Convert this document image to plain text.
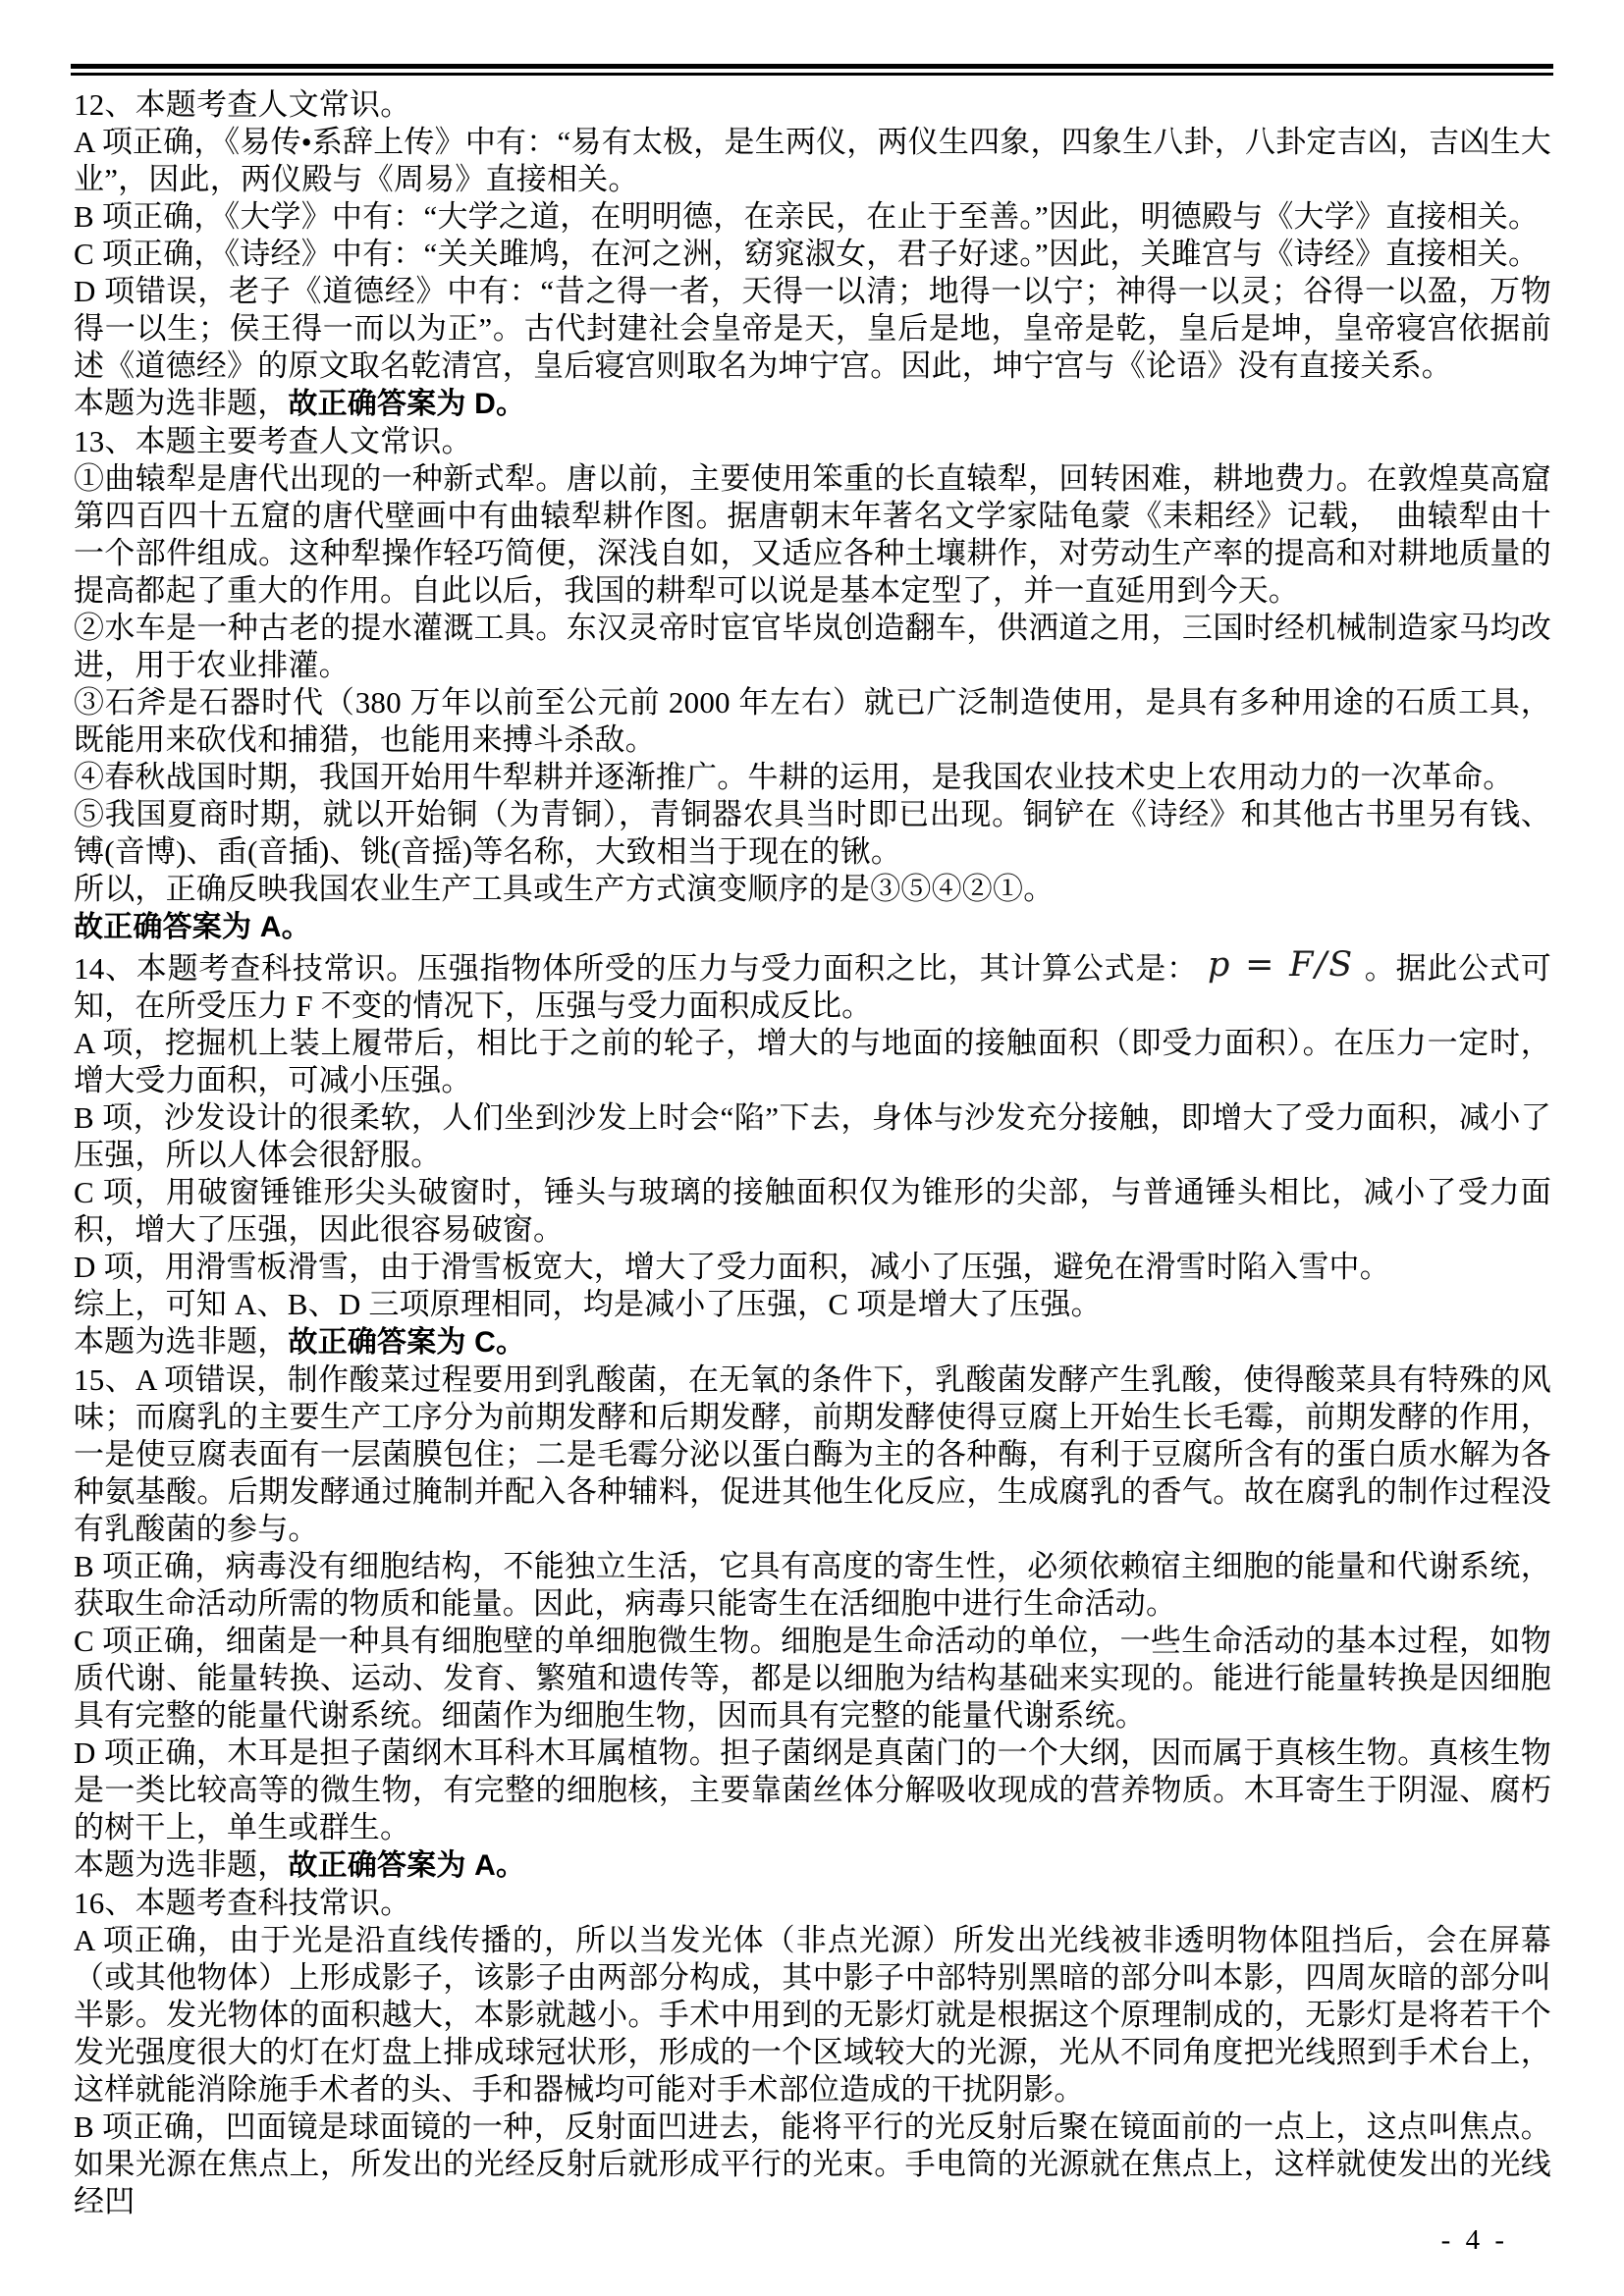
12、本题考查人文常识。

A 项正确，《易传•系辞上传》中有：“易有太极，是生两仪，两仪生四象，四象生八卦，八卦定吉凶，吉凶生大业”，因此，两仪殿与《周易》直接相关。

B 项正确，《大学》中有：“大学之道，在明明德，在亲民，在止于至善。”因此，明德殿与《大学》直接相关。

C 项正确，《诗经》中有：“关关雎鸠，在河之洲，窈窕淑女，君子好逑。”因此，关雎宫与《诗经》直接相关。

D 项错误，老子《道德经》中有：“昔之得一者，天得一以清；地得一以宁；神得一以灵；谷得一以盈，万物得一以生；侯王得一而以为正”。古代封建社会皇帝是天，皇后是地，皇帝是乾，皇后是坤，皇帝寝宫依据前述《道德经》的原文取名乾清宫，皇后寝宫则取名为坤宁宫。因此，坤宁宫与《论语》没有直接关系。

本题为选非题，故正确答案为 D。

13、本题主要考查人文常识。

①曲辕犁是唐代出现的一种新式犁。唐以前，主要使用笨重的长直辕犁，回转困难，耕地费力。在敦煌莫高窟第四百四十五窟的唐代壁画中有曲辕犁耕作图。据唐朝末年著名文学家陆龟蒙《耒耜经》记载，　曲辕犁由十一个部件组成。这种犁操作轻巧简便，深浅自如，又适应各种土壤耕作，对劳动生产率的提高和对耕地质量的提高都起了重大的作用。自此以后，我国的耕犁可以说是基本定型了，并一直延用到今天。

②水车是一种古老的提水灌溉工具。东汉灵帝时宦官毕岚创造翻车，供洒道之用，三国时经机械制造家马均改进，用于农业排灌。

③石斧是石器时代（380 万年以前至公元前 2000 年左右）就已广泛制造使用，是具有多种用途的石质工具，既能用来砍伐和捕猎，也能用来搏斗杀敌。

④春秋战国时期，我国开始用牛犁耕并逐渐推广。牛耕的运用，是我国农业技术史上农用动力的一次革命。

⑤我国夏商时期，就以开始铜（为青铜），青铜器农具当时即已出现。铜铲在《诗经》和其他古书里另有钱、镈(音博)、臿(音插)、铫(音摇)等名称，大致相当于现在的锹。

所以，正确反映我国农业生产工具或生产方式演变顺序的是③⑤④②①。

故正确答案为 A。

14、本题考查科技常识。压强指物体所受的压力与受力面积之比，其计算公式是： p = F/S 。据此公式可知，在所受压力 F 不变的情况下，压强与受力面积成反比。

A 项，挖掘机上装上履带后，相比于之前的轮子，增大的与地面的接触面积（即受力面积）。在压力一定时，增大受力面积，可减小压强。

B 项，沙发设计的很柔软，人们坐到沙发上时会“陷”下去，身体与沙发充分接触，即增大了受力面积，减小了压强，所以人体会很舒服。

C 项，用破窗锤锥形尖头破窗时，锤头与玻璃的接触面积仅为锥形的尖部，与普通锤头相比，减小了受力面积，增大了压强，因此很容易破窗。

D 项，用滑雪板滑雪，由于滑雪板宽大，增大了受力面积，减小了压强，避免在滑雪时陷入雪中。

综上，可知 A、B、D 三项原理相同，均是减小了压强，C 项是增大了压强。

本题为选非题，故正确答案为 C。

15、A 项错误，制作酸菜过程要用到乳酸菌，在无氧的条件下，乳酸菌发酵产生乳酸，使得酸菜具有特殊的风味；而腐乳的主要生产工序分为前期发酵和后期发酵，前期发酵使得豆腐上开始生长毛霉，前期发酵的作用，一是使豆腐表面有一层菌膜包住；二是毛霉分泌以蛋白酶为主的各种酶，有利于豆腐所含有的蛋白质水解为各种氨基酸。后期发酵通过腌制并配入各种辅料，促进其他生化反应，生成腐乳的香气。故在腐乳的制作过程没有乳酸菌的参与。

B 项正确，病毒没有细胞结构，不能独立生活，它具有高度的寄生性，必须依赖宿主细胞的能量和代谢系统，获取生命活动所需的物质和能量。因此，病毒只能寄生在活细胞中进行生命活动。

C 项正确，细菌是一种具有细胞壁的单细胞微生物。细胞是生命活动的单位，一些生命活动的基本过程，如物质代谢、能量转换、运动、发育、繁殖和遗传等，都是以细胞为结构基础来实现的。能进行能量转换是因细胞具有完整的能量代谢系统。细菌作为细胞生物，因而具有完整的能量代谢系统。

D 项正确，木耳是担子菌纲木耳科木耳属植物。担子菌纲是真菌门的一个大纲，因而属于真核生物。真核生物是一类比较高等的微生物，有完整的细胞核，主要靠菌丝体分解吸收现成的营养物质。木耳寄生于阴湿、腐朽的树干上，单生或群生。

本题为选非题，故正确答案为 A。

16、本题考查科技常识。

A 项正确，由于光是沿直线传播的，所以当发光体（非点光源）所发出光线被非透明物体阻挡后，会在屏幕（或其他物体）上形成影子，该影子由两部分构成，其中影子中部特别黑暗的部分叫本影，四周灰暗的部分叫半影。发光物体的面积越大，本影就越小。手术中用到的无影灯就是根据这个原理制成的，无影灯是将若干个发光强度很大的灯在灯盘上排成球冠状形，形成的一个区域较大的光源，光从不同角度把光线照到手术台上，这样就能消除施手术者的头、手和器械均可能对手术部位造成的干扰阴影。

B 项正确，凹面镜是球面镜的一种，反射面凹进去，能将平行的光反射后聚在镜面前的一点上，这点叫焦点。如果光源在焦点上，所发出的光经反射后就形成平行的光束。手电筒的光源就在焦点上，这样就使发出的光线经凹

- 4 -
